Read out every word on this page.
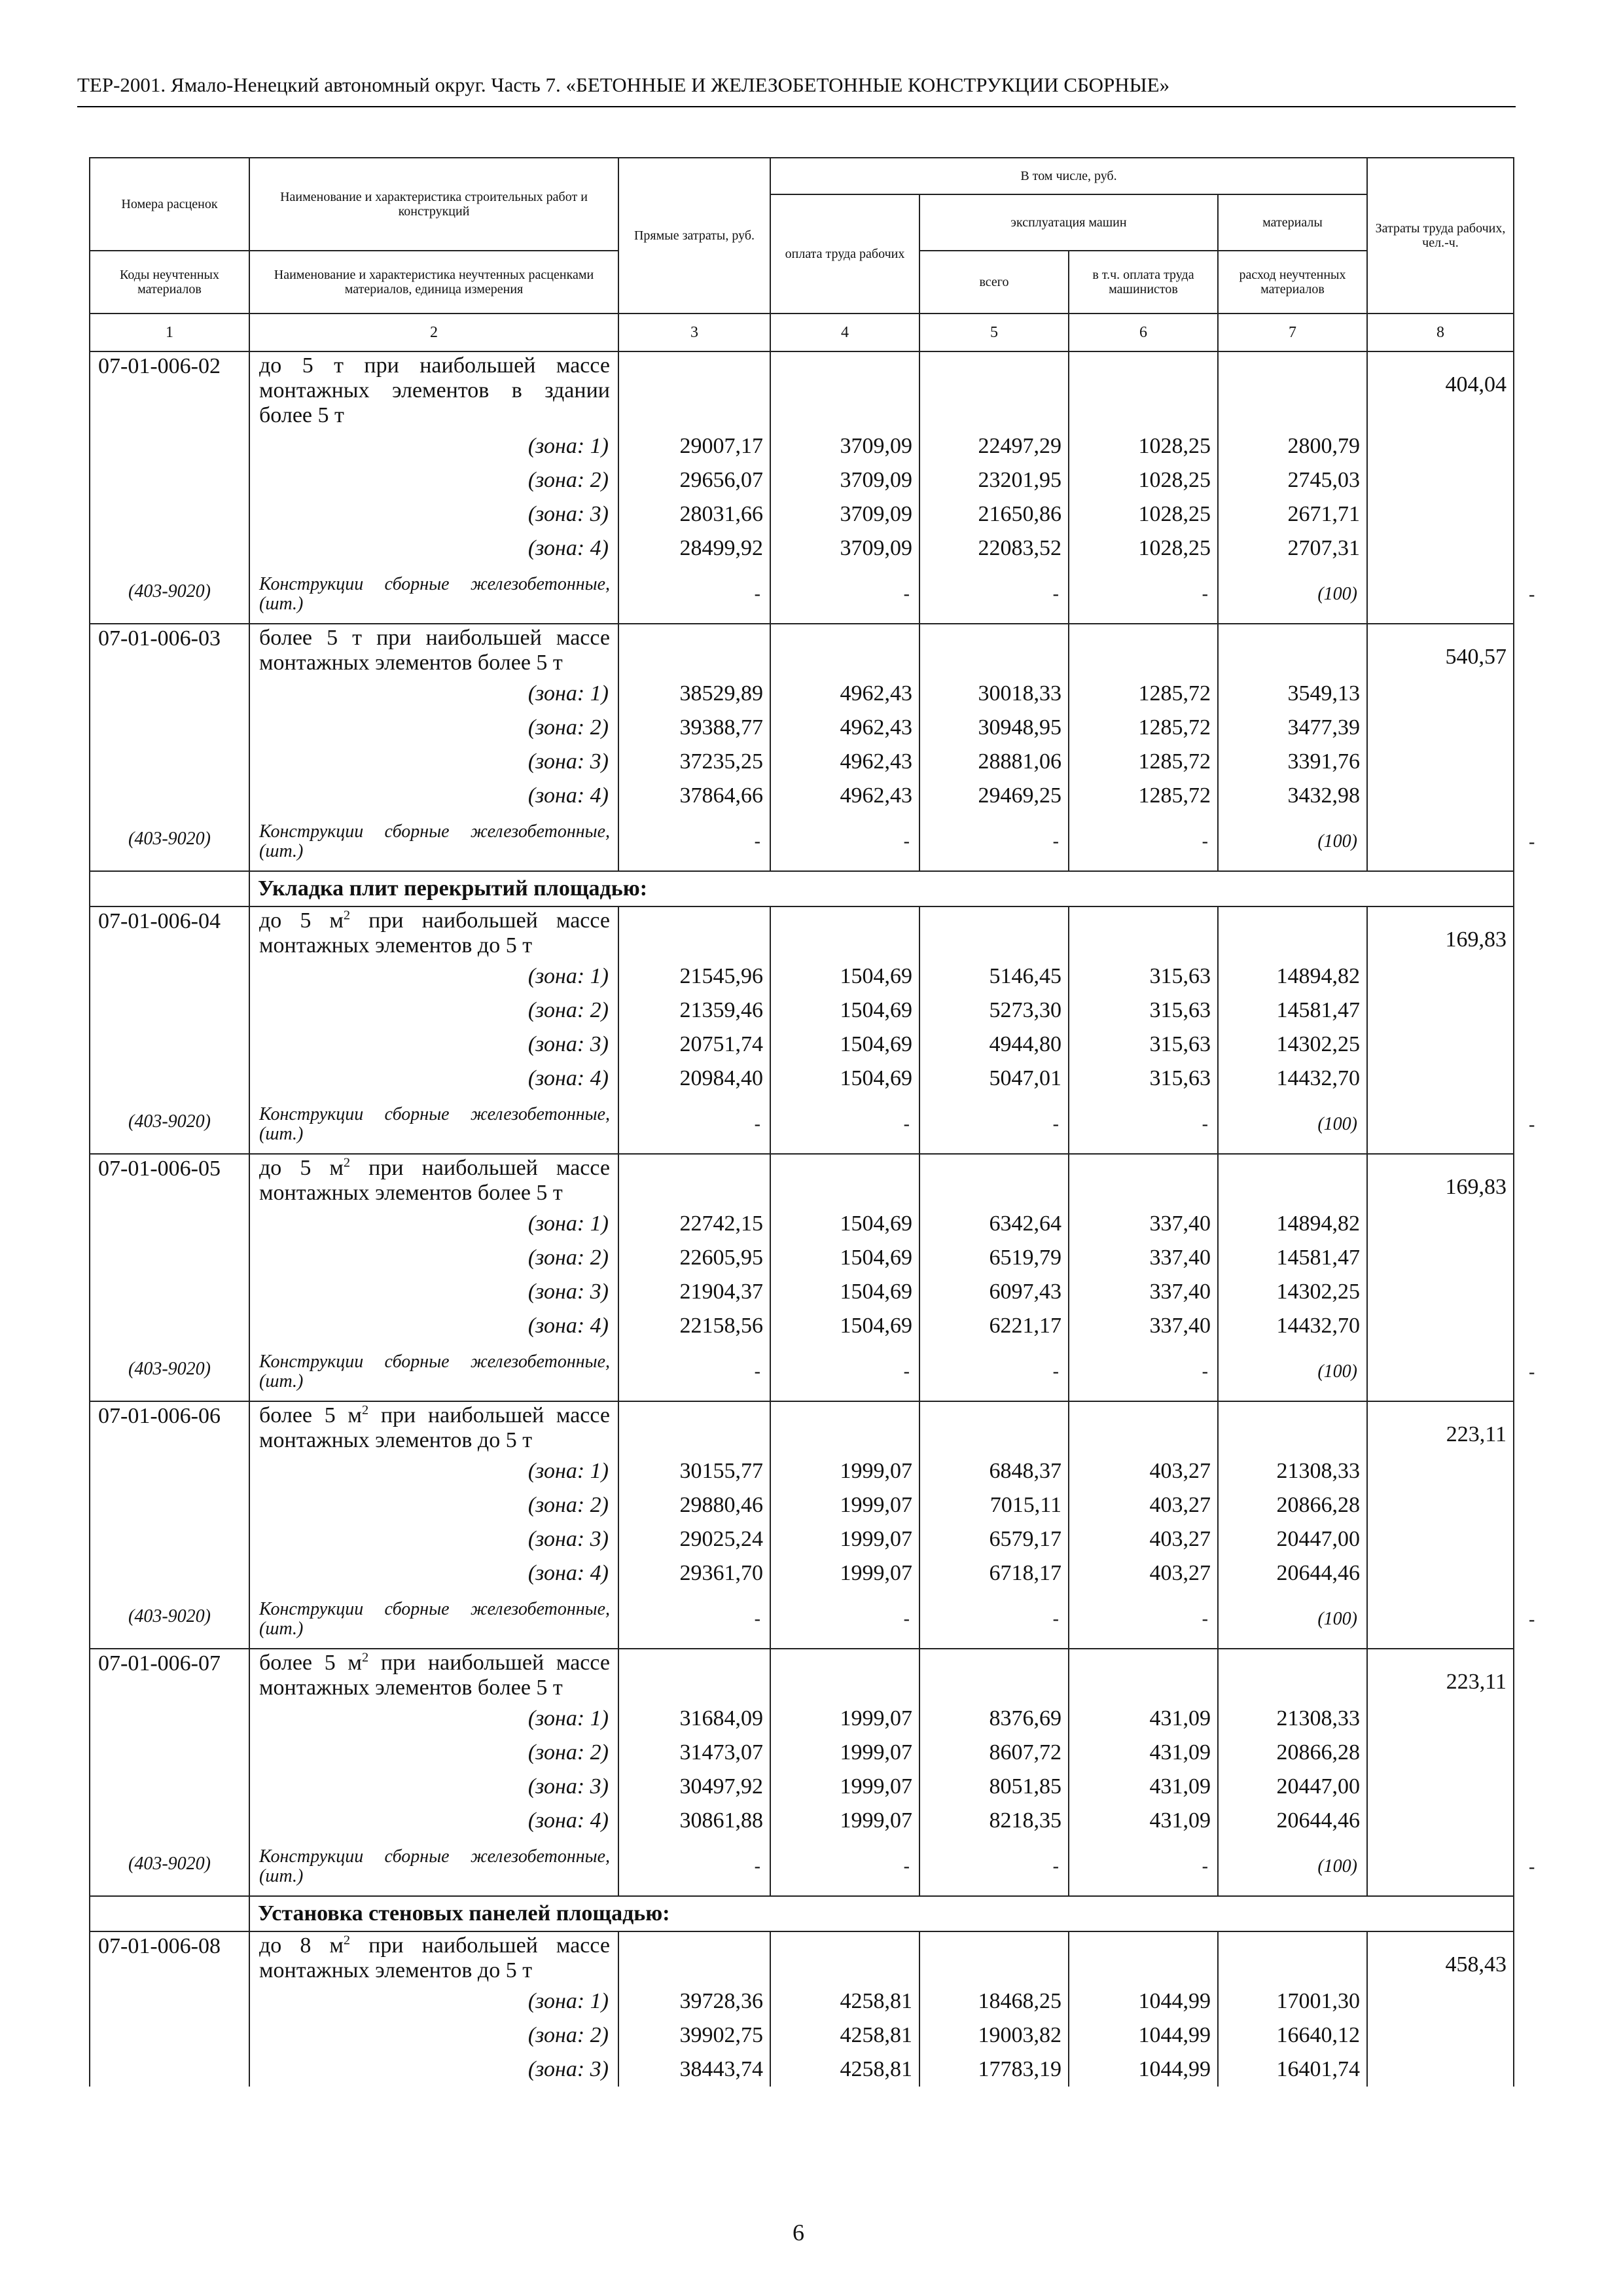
ТЕР-2001. Ямало-Ненецкий автономный округ. Часть 7. «БЕТОННЫЕ И ЖЕЛЕЗОБЕТОННЫЕ КОНСТРУКЦИИ СБОРНЫЕ»
Номера расценок	Наименование и характеристика строительных работ и конструкций	Прямые затраты, руб.	В том числе, руб.				Затраты труда рабочих, чел.-ч.	
			оплата труда рабочих	эксплуатация машин		материалы		
Коды неучтенных материалов	Наименование и характеристика неучтенных расценками материалов, единица измерения			всего	в т.ч. оплата труда машинистов	расход неучтенных материалов		
1	2	3	4	5	6	7	8	
07-01-006-02	до 5 т при наибольшей массе монтажных элементов в здании более 5 т						404,04	
	(зона: 1)	29007,17	3709,09	22497,29	1028,25	2800,79		
	(зона: 2)	29656,07	3709,09	23201,95	1028,25	2745,03		
	(зона: 3)	28031,66	3709,09	21650,86	1028,25	2671,71		
	(зона: 4)	28499,92	3709,09	22083,52	1028,25	2707,31		
(403-9020)	Конструкции сборные железобетонные, (шт.)	-	-	-	-	(100)		-
07-01-006-03	более 5 т при наибольшей массе монтажных элементов более 5 т						540,57	
	(зона: 1)	38529,89	4962,43	30018,33	1285,72	3549,13		
	(зона: 2)	39388,77	4962,43	30948,95	1285,72	3477,39		
	(зона: 3)	37235,25	4962,43	28881,06	1285,72	3391,76		
	(зона: 4)	37864,66	4962,43	29469,25	1285,72	3432,98		
(403-9020)	Конструкции сборные железобетонные, (шт.)	-	-	-	-	(100)		-
	Укладка плит перекрытий площадью:							
07-01-006-04	до 5 $м^2$ при наибольшей массе монтажных элементов до 5 т						169,83	
	(зона: 1)	21545,96	1504,69	5146,45	315,63	14894,82		
	(зона: 2)	21359,46	1504,69	5273,30	315,63	14581,47		
	(зона: 3)	20751,74	1504,69	4944,80	315,63	14302,25		
	(зона: 4)	20984,40	1504,69	5047,01	315,63	14432,70		
(403-9020)	Конструкции сборные железобетонные, (шт.)	-	-	-	-	(100)		-
07-01-006-05	до 5 $м^2$ при наибольшей массе монтажных элементов более 5 т						169,83	
	(зона: 1)	22742,15	1504,69	6342,64	337,40	14894,82		
	(зона: 2)	22605,95	1504,69	6519,79	337,40	14581,47		
	(зона: 3)	21904,37	1504,69	6097,43	337,40	14302,25		
	(зона: 4)	22158,56	1504,69	6221,17	337,40	14432,70		
(403-9020)	Конструкции сборные железобетонные, (шт.)	-	-	-	-	(100)		-
07-01-006-06	более 5 $м^2$ при наибольшей массе монтажных элементов до 5 т						223,11	
	(зона: 1)	30155,77	1999,07	6848,37	403,27	21308,33		
	(зона: 2)	29880,46	1999,07	7015,11	403,27	20866,28		
	(зона: 3)	29025,24	1999,07	6579,17	403,27	20447,00		
	(зона: 4)	29361,70	1999,07	6718,17	403,27	20644,46		
(403-9020)	Конструкции сборные железобетонные, (шт.)	-	-	-	-	(100)		-
07-01-006-07	более 5 $м^2$ при наибольшей массе монтажных элементов более 5 т						223,11	
	(зона: 1)	31684,09	1999,07	8376,69	431,09	21308,33		
	(зона: 2)	31473,07	1999,07	8607,72	431,09	20866,28		
	(зона: 3)	30497,92	1999,07	8051,85	431,09	20447,00		
	(зона: 4)	30861,88	1999,07	8218,35	431,09	20644,46		
(403-9020)	Конструкции сборные железобетонные, (шт.)	-	-	-	-	(100)		-
	Установка стеновых панелей площадью:							
07-01-006-08	до 8 $м^2$ при наибольшей массе монтажных элементов до 5 т						458,43	
	(зона: 1)	39728,36	4258,81	18468,25	1044,99	17001,30		
	(зона: 2)	39902,75	4258,81	19003,82	1044,99	16640,12		
	(зона: 3)	38443,74	4258,81	17783,19	1044,99	16401,74		
6
